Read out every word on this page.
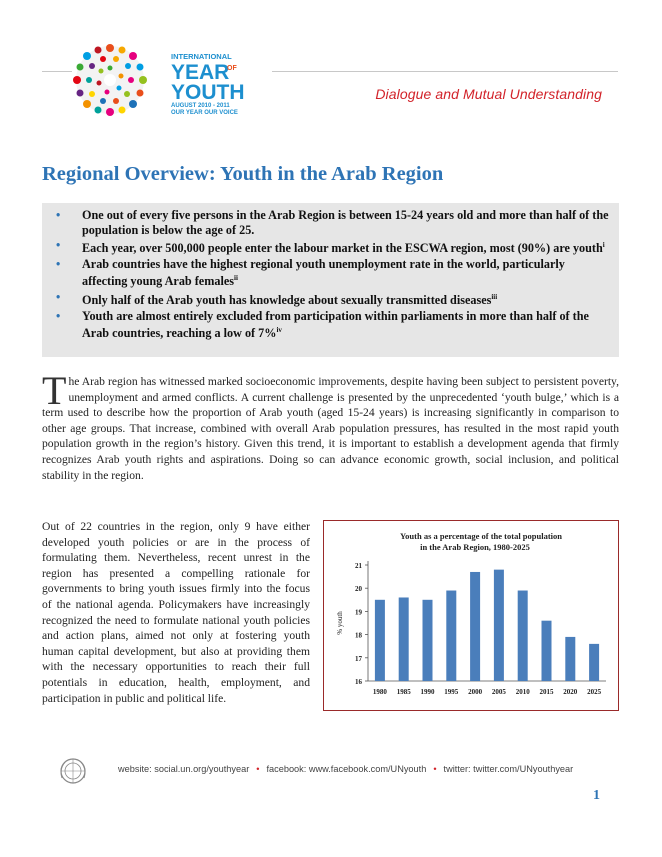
INTERNATIONAL
YEAR
OF
YOUTH
AUGUST 2010 - 2011
OUR YEAR OUR VOICE
Dialogue and Mutual Understanding
Regional Overview: Youth in the Arab Region
• One out of every five persons in the Arab Region is between 15-24 years old and more than half of the population is below the age of 25.
• Each year, over 500,000 people enter the labour market in the ESCWA region, most (90%) are youth$^i$
• Arab countries have the highest regional youth unemployment rate in the world, particularly affecting young Arab females$^{ii}$
• Only half of the Arab youth has knowledge about sexually transmitted diseases$^{iii}$
• Youth are almost entirely excluded from participation within parliaments in more than half of the Arab countries, reaching a low of 7%$^{iv}$

The Arab region has witnessed marked socioeconomic improvements, despite having been subject to persistent poverty, unemployment and armed conflicts. A current challenge is presented by the unprecedented ‘youth bulge,’ which is a term used to describe how the proportion of Arab youth (aged 15-24 years) is increasing significantly in comparison to other age groups. That increase, combined with overall Arab population pressures, has resulted in the most rapid youth population growth in the region’s history. Given this trend, it is important to establish a development agenda that firmly recognizes Arab youth rights and aspirations. Doing so can advance economic growth, social inclusion, and political stability in the region.

Out of 22 countries in the region, only 9 have either developed youth policies or are in the process of formulating them. Nevertheless, recent unrest in the region has presented a compelling rationale for governments to bring youth issues firmly into the focus of the national agenda. Policymakers have increasingly recognized the need to formulate national youth policies and action plans, aimed not only at fostering youth human capital development, but also at providing them with the necessary opportunities to reach their full potentials in education, health, employment, and participation in public and political life.

Youth as a percentage of the total population
in the Arab Region, 1980-2025
16
17
18
19
20
21
% youth
1980 1985 1990 1995 2000 2005 2010 2015 2020 2025
website: social.un.org/youthyear • facebook: www.facebook.com/UNyouth • twitter: twitter.com/UNyouthyear
1
